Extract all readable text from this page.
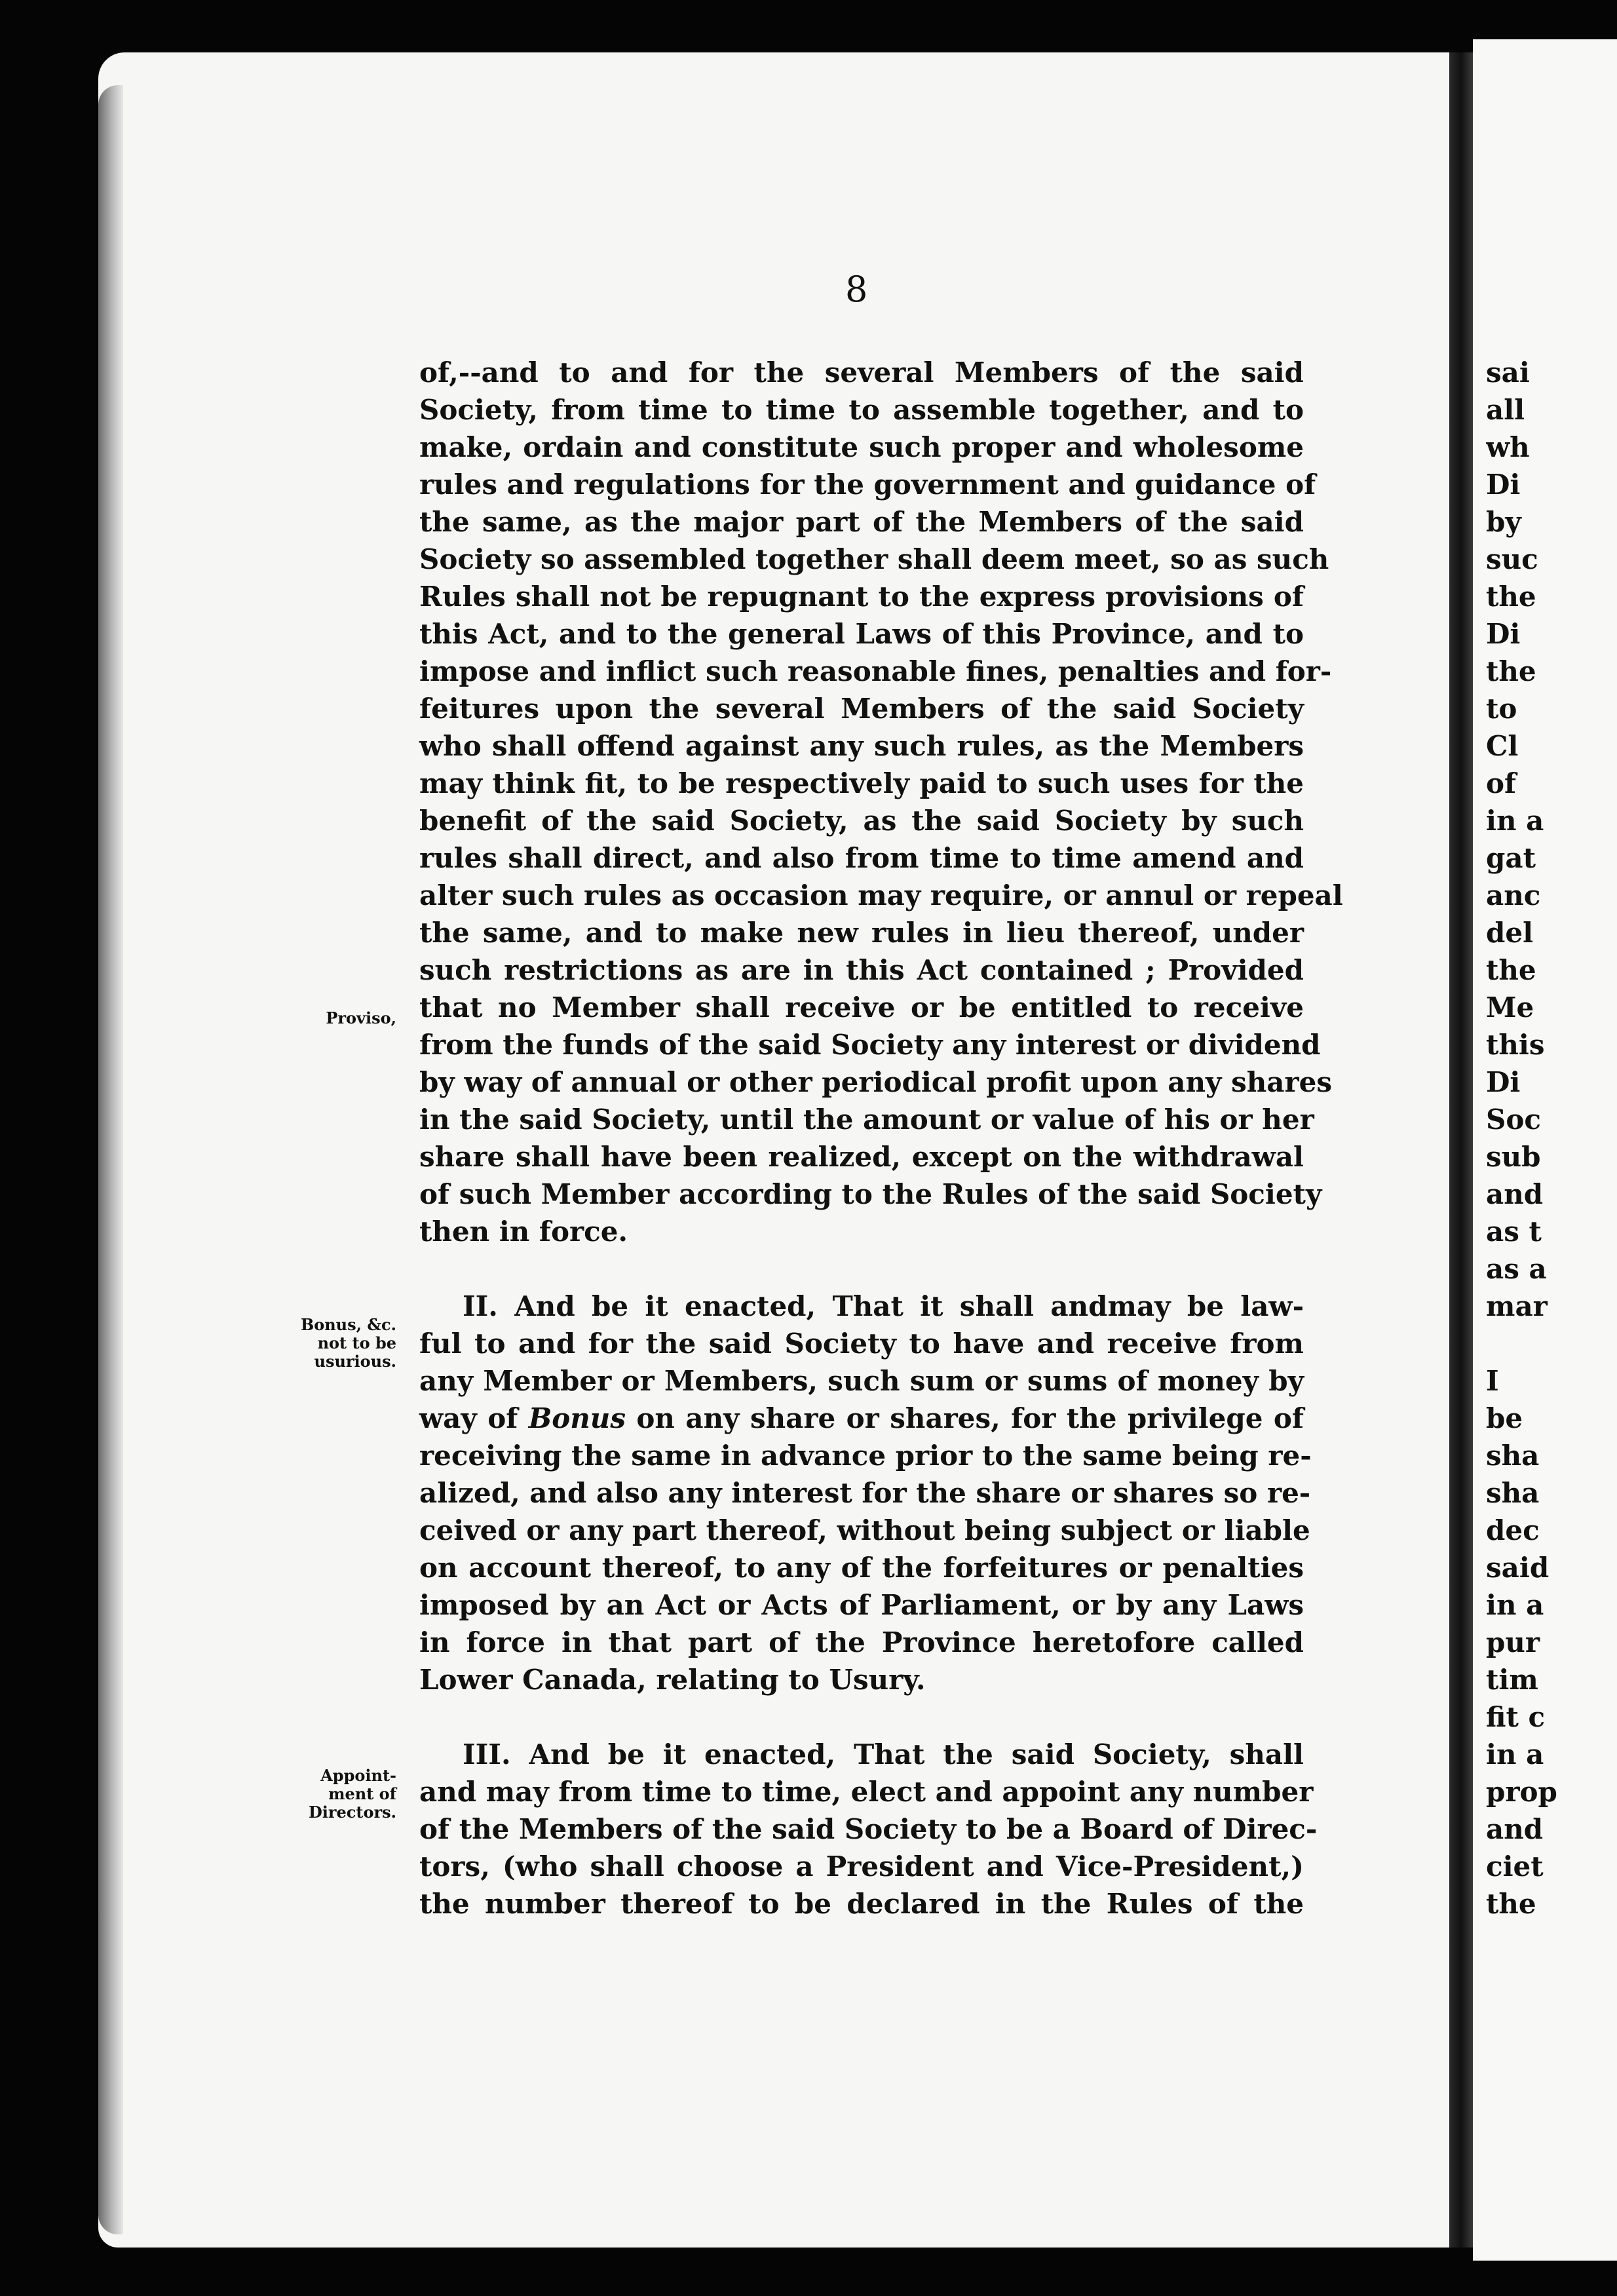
8
Proviso,
Bonus, &c.
not to be
usurious.
Appoint-
ment of
Directors.
of,--and to and for the several Members of the said
Society, from time to time to assemble together, and to
make, ordain and constitute such proper and wholesome
rules and regulations for the government and guidance of
the same, as the major part of the Members of the said
Society so assembled together shall deem meet, so as such
Rules shall not be repugnant to the express provisions of
this Act, and to the general Laws of this Province, and to
impose and inflict such reasonable fines, penalties and for-
feitures upon the several Members of the said Society
who shall offend against any such rules, as the Members
may think fit, to be respectively paid to such uses for the
benefit of the said Society, as the said Society by such
rules shall direct, and also from time to time amend and
alter such rules as occasion may require, or annul or repeal
the same, and to make new rules in lieu thereof, under
such restrictions as are in this Act contained ; Provided
that no Member shall receive or be entitled to receive
from the funds of the said Society any interest or dividend
by way of annual or other periodical profit upon any shares
in the said Society, until the amount or value of his or her
share shall have been realized, except on the withdrawal
of such Member according to the Rules of the said Society
then in force.
II. And be it enacted, That it shall andmay be law-
ful to and for the said Society to have and receive from
any Member or Members, such sum or sums of money by
way of Bonus on any share or shares, for the privilege of
receiving the same in advance prior to the same being re-
alized, and also any interest for the share or shares so re-
ceived or any part thereof, without being subject or liable
on account thereof, to any of the forfeitures or penalties
imposed by an Act or Acts of Parliament, or by any Laws
in force in that part of the Province heretofore called
Lower Canada, relating to Usury.
III. And be it enacted, That the said Society, shall
and may from time to time, elect and appoint any number
of the Members of the said Society to be a Board of Direc-
tors, (who shall choose a President and Vice-President,)
the number thereof to be declared in the Rules of the
sai
all
wh
Di
by
suc
the
Di
the
to
Cl
of
in a
gat
anc
del
the
Me
this
Di
Soc
sub
and
as t
as a
mar
I
be
sha
sha
dec
said
in a
pur
tim
fit c
in a
prop
and
ciet
the
